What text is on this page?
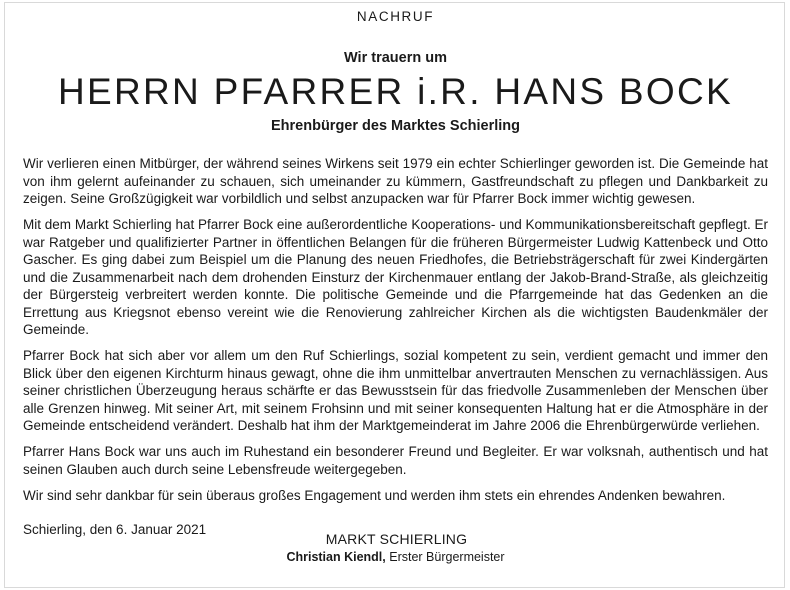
NACHRUF
Wir trauern um
HERRN PFARRER i.R. HANS BOCK
Ehrenbürger des Marktes Schierling

Wir verlieren einen Mitbürger, der während seines Wirkens seit 1979 ein echter Schierlinger geworden ist. Die Gemeinde hat von ihm gelernt aufeinander zu schauen, sich umeinander zu kümmern, Gastfreundschaft zu pflegen und Dankbarkeit zu zeigen. Seine Großzügigkeit war vorbildlich und selbst anzupacken war für Pfarrer Bock immer wichtig gewesen.

Mit dem Markt Schierling hat Pfarrer Bock eine außerordentliche Kooperations- und Kommunikationsbereitschaft gepflegt. Er war Ratgeber und qualifizierter Partner in öffentlichen Belangen für die früheren Bürgermeister Ludwig Kattenbeck und Otto Gascher. Es ging dabei zum Beispiel um die Planung des neuen Friedhofes, die Betriebsträgerschaft für zwei Kindergärten und die Zusammenarbeit nach dem drohenden Einsturz der Kirchenmauer entlang der Jakob-Brand-Straße, als gleichzeitig der Bürgersteig verbreitert werden konnte. Die politische Gemeinde und die Pfarrgemeinde hat das Gedenken an die Errettung aus Kriegsnot ebenso vereint wie die Renovierung zahlreicher Kirchen als die wichtigsten Baudenkmäler der Gemeinde.

Pfarrer Bock hat sich aber vor allem um den Ruf Schierlings, sozial kompetent zu sein, verdient gemacht und immer den Blick über den eigenen Kirchturm hinaus gewagt, ohne die ihm unmittelbar anvertrauten Menschen zu vernachlässigen. Aus seiner christlichen Überzeugung heraus schärfte er das Bewusstsein für das friedvolle Zusammenleben der Menschen über alle Grenzen hinweg. Mit seiner Art, mit seinem Frohsinn und mit seiner konsequenten Haltung hat er die Atmosphäre in der Gemeinde entscheidend verändert. Deshalb hat ihm der Marktgemeinderat im Jahre 2006 die Ehrenbürgerwürde verliehen.

Pfarrer Hans Bock war uns auch im Ruhestand ein besonderer Freund und Begleiter. Er war volksnah, authentisch und hat seinen Glauben auch durch seine Lebensfreude weitergegeben.

Wir sind sehr dankbar für sein überaus großes Engagement und werden ihm stets ein ehrendes Andenken bewahren.

Schierling, den 6. Januar 2021
MARKT SCHIERLING
Christian Kiendl, Erster Bürgermeister
